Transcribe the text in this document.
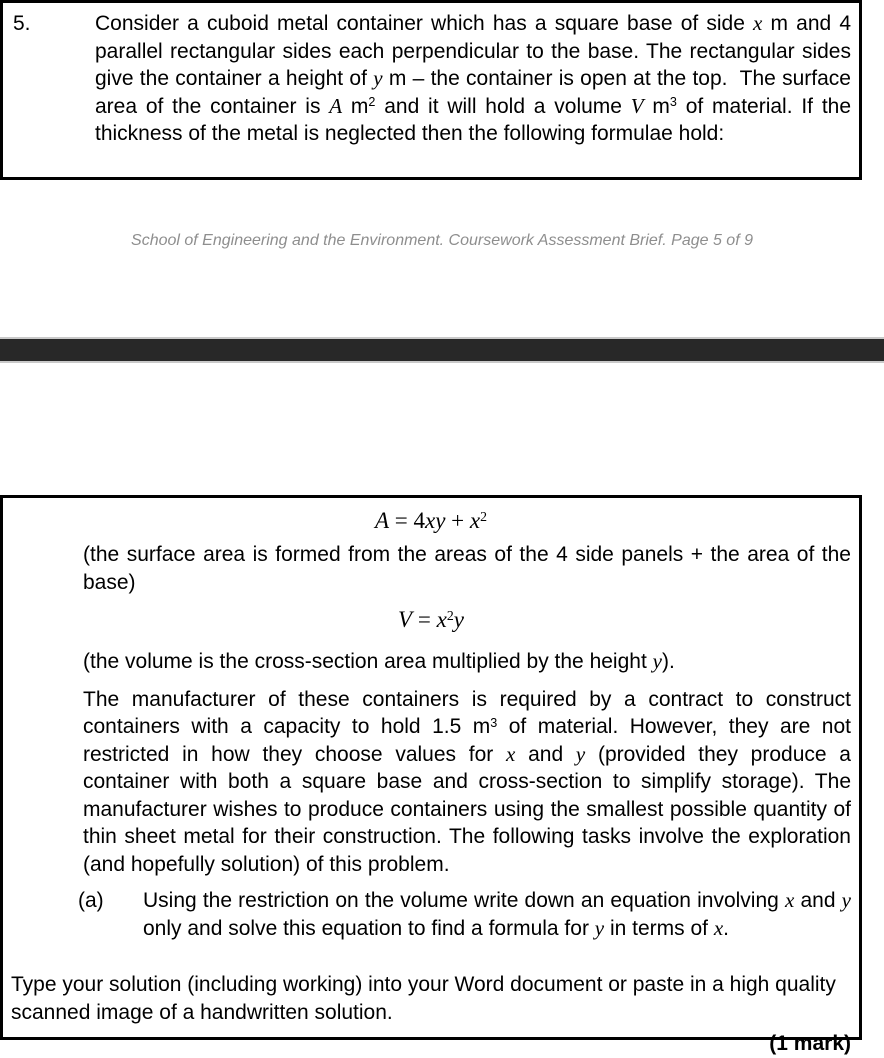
5.	Consider a cuboid metal container which has a square base of side x m and 4 parallel rectangular sides each perpendicular to the base. The rectangular sides give the container a height of y m – the container is open at the top.  The surface area of the container is A $m^2$ and it will hold a volume V $m^3$ of material. If the thickness of the metal is neglected then the following formulae hold:
School of Engineering and the Environment. Coursework Assessment Brief. Page 5 of 9
$A = 4xy + x^2$

(the surface area is formed from the areas of the 4 side panels + the area of the base)

$V = x^2y$

(the volume is the cross-section area multiplied by the height y).

The manufacturer of these containers is required by a contract to construct containers with a capacity to hold 1.5 $m^3$ of material. However, they are not restricted in how they choose values for x and y (provided they produce a container with both a square base and cross-section to simplify storage). The manufacturer wishes to produce containers using the smallest possible quantity of thin sheet metal for their construction. The following tasks involve the exploration (and hopefully solution) of this problem.

(a)	Using the restriction on the volume write down an equation involving x and y only and solve this equation to find a formula for y in terms of x.

Type your solution (including working) into your Word document or paste in a high quality scanned image of a handwritten solution.

(1 mark)
